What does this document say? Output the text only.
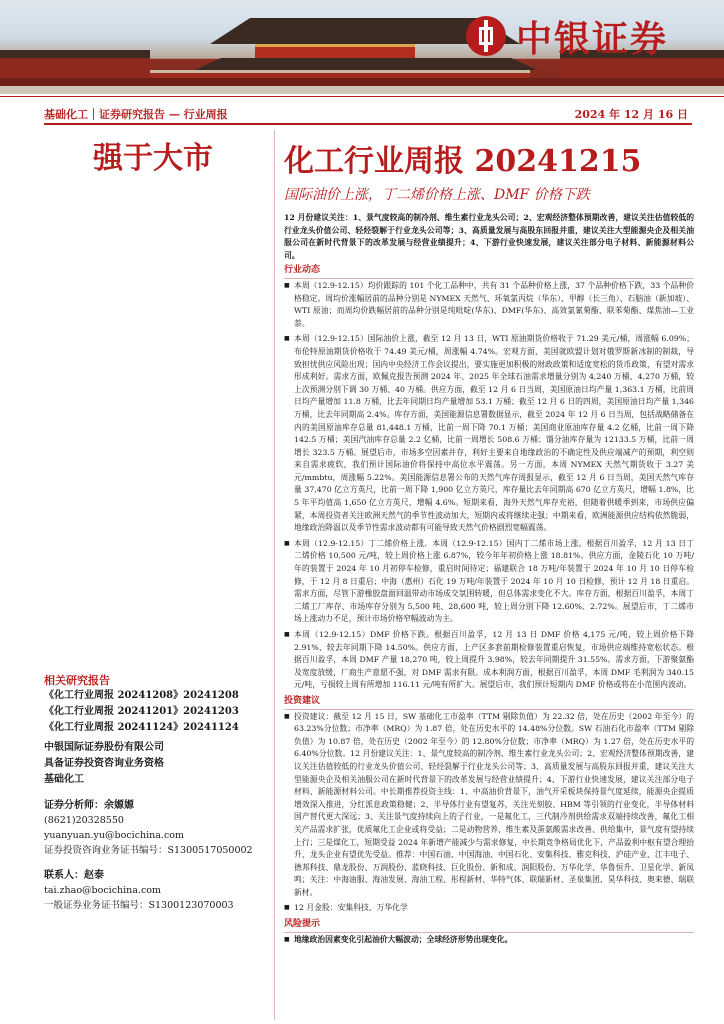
中银证券
基础化工｜证券研究报告 — 行业周报	2024 年 12 月 16 日
强于大市	化工行业周报 20241215
国际油价上涨，丁二烯价格上涨、DMF 价格下跌

12 月份建议关注：1、景气度较高的制冷剂、维生素行业龙头公司；2、宏观经济整体预期改善，建议关注估值较低的行业龙头价值公司、轻烃裂解于行业龙头公司等；3、高质量发展与高股东回报并重，建议关注大型能源央企及相关油服公司在新时代背景下的改革发展与经营业绩提升；4、下游行业快速发展，建议关注部分电子材料、新能源材料公司。

行业动态

■ 本周（12.9-12.15）均价跟踪的 101 个化工品种中，共有 31 个品种价格上涨，37 个品种价格下跌，33 个品种价格稳定。周均价涨幅居前的品种分别是 NYMEX 天然气、环氧氯丙烷（华东）、甲醇（长三角）、石脑油（新加坡）、WTI 原油；而周均价跌幅居前的品种分别是纯吡啶(华东)、DMF(华东)、高效氯氰菊酯、联苯菊酯、煤焦油—工业萘。

■ 本周（12.9-12.15）国际油价上涨，截至 12 月 13 日，WTI 原油期货价格收于 71.29 美元/桶，周涨幅 6.09%；布伦特原油期货价格收于 74.49 美元/桶，周涨幅 4.74%。宏观方面，美国就欧盟计划对俄罗斯新冰制的制裁，导致担忧供应风险出现；国内中央经济工作会议提出，要实施更加积极的财政政策和适度宽松的货币政策，有望对需求形成利好。需求方面，欧佩克报告预测 2024 年、2025 年全球石油需求增量分别为 4,240 万桶、4,270 万桶，较上次预测分别下调 30 万桶、40 万桶。供应方面，截至 12 月 6 日当周，美国原油日均产量 1,363.1 万桶，比前周日均产量增加 11.8 万桶，比去年同期日均产量增加 53.1 万桶；截至 12 月 6 日的四周，美国原油日均产量 1,346 万桶，比去年同期高 2.4%。库存方面，美国能源信息署数据显示，截至 2024 年 12 月 6 日当周，包括战略储备在内的美国原油库存总量 81,448.1 万桶，比前一周下降 70.1 万桶；美国商业原油库存量 4.2 亿桶，比前一周下降 142.5 万桶；美国汽油库存总量 2.2 亿桶，比前一周增长 508.6 万桶；馏分油库存量为 12133.5 万桶，比前一周增长 323.5 万桶。展望后市，市场多空因素并存，利好主要来自地缘政治的不确定性及供应端减产的预期，利空则来自需求疲软，我们预计国际油价将保持中高位水平震荡。另一方面，本周 NYMEX 天然气期货收于 3.27 美元/mmbtu，周涨幅 5.22%。美国能源信息署公布的天然气库存周报显示，截至 12 月 6 日当周，美国天然气库存量 37,470 亿立方英尺，比前一周下降 1,900 亿立方英尺，库存量比去年同期高 670 亿立方英尺，增幅 1.8%，比 5 年平均值高 1,650 亿立方英尺，增幅 4.6%。短期来看，海外天然气库存充裕，但随着供暖季到来，市场供应偏紧，本周投资者关注欧洲天然气的季节性波动加大，短期内或将继续走强；中期来看，欧洲能源供应结构依然脆弱，地缘政治降温以及季节性需求波动都有可能导致天然气价格剧烈宽幅震荡。

■ 本周（12.9-12.15）丁二烯价格上涨。本周（12.9-12.15）国内丁二烯市场上涨。根据百川盈孚，12 月 13 日丁二烯价格 10,500 元/吨，较上周价格上涨 6.87%，较今年年初价格上涨 18.81%。供应方面，金陵石化 10 万吨/年的装置于 2024 年 10 月初停车检修，重启时间待定；福建联合 18 万吨/年装置于 2024 年 10 月 10 日停车检修，于 12 月 8 日重启；中海（惠州）石化 19 万吨/年装置于 2024 年 10 月 10 日检修，预计 12 月 18 日重启。需求方面，尽管下游橡胶盘面回温带动市场成交氛围转暖，但总体需求变化不大。库存方面，根据百川盈孚，本周丁二烯工厂库存、市场库存分别为 5,500 吨、28,600 吨，较上周分别下降 12.60%、2.72%。展望后市，丁二烯市场上涨动力不足，预计市场价格窄幅波动为主。

■ 本周（12.9-12.15）DMF 价格下跌。根据百川盈孚，12 月 13 日 DMF 价格 4,175 元/吨，较上周价格下降 2.91%，较去年同期下降 14.50%。供应方面，上产区多套前期检修装置重启恢复，市场供应端维持宽松状态。根据百川盈孚，本周 DMF 产量 18,270 吨，较上周提升 3.98%，较去年同期提升 31.55%。需求方面，下游聚氨酯及宽度放缓，厂商生产意愿不强，对 DMF 需求有限。成本利润方面，根据百川盈孚，本周 DMF 毛利润为 340.15 元/吨，亏损较上周有所增加 116.11 元/吨有所扩大。展望后市，我们预计短期内 DMF 价格或将在小范围内波动。

投资建议

■ 投资建议：截至 12 月 15 日，SW 基础化工市盈率（TTM 剔除负值）为 22.32 倍，处在历史（2002 年至今）的 63.23%分位数；市净率（MRQ）为 1.87 倍，处在历史水平的 14.48%分位数。SW 石油石化市盈率（TTM 剔除负值）为 10.87 倍，处在历史（2002 年至今）的 12.80%分位数；市净率（MRQ）为 1.27 倍，处在历史水平的 6.40%分位数。12 月份建议关注：1、景气度较高的制冷剂、维生素行业龙头公司；2、宏观经济整体预期改善，建议关注估值较低的行业龙头价值公司、轻烃裂解于行业龙头公司等；3、高质量发展与高股东回报并重，建议关注大型能源央企及相关油服公司在新时代背景下的改革发展与经营业绩提升；4、下游行业快速发展，建议关注部分电子材料、新能源材料公司。中长期推荐投资主线：1、中高油价背景下，油气开采板块保持景气度延续，能源央企提质增效深入推进，分红派息政策稳健；2、半导体行业有望复苏，关注光刻胶、HBM 等引领的行业变化，半导体材料国产替代更大深远；3、关注景气度持续向上的子行业，一是氟化工，三代制冷剂供给需求双端持续改善，氟化工相关产品需求扩张，优质氟化工企业或将受益；二是动物营养，维生素及蛋氨酸需求改善、供给集中，景气度有望持续上行；三是煤化工，短期受益 2024 年新增产能减少与需求修复，中长期竞争格局优化下，产品盈利中枢有望合理抬升，龙头企业有望优先受益。推荐：中国石油、中国海油、中国石化、安集科技、雅克科技、沪硅产业、江丰电子、德邦科技、鼎龙股份、万润股份、蓝晓科技、巨化股份、新和成、润阳股份、万华化学、华鲁恒升、卫星化学、新凤鸣；关注：中海油服、海油发展、海油工程、彤程新材、华特气体、联瑞新材、圣泉集团、昊华科技、奥来德、瑞联新材。

■ 12 月金股：安集科技、万华化学

风险提示

■ 地缘政治因素变化引起油价大幅波动；全球经济形势出现变化。

相关研究报告
《化工行业周报 20241208》20241208
《化工行业周报 20241201》20241203
《化工行业周报 20241124》20241124
中银国际证券股份有限公司
具备证券投资咨询业务资格
基础化工
证券分析师：余嫄嫄
(8621)20328550
yuanyuan.yu@bocichina.com
证券投资咨询业务证书编号：S1300517050002
联系人：赵泰
tai.zhao@bocichina.com
一般证券业务证书编号：S1300123070003
